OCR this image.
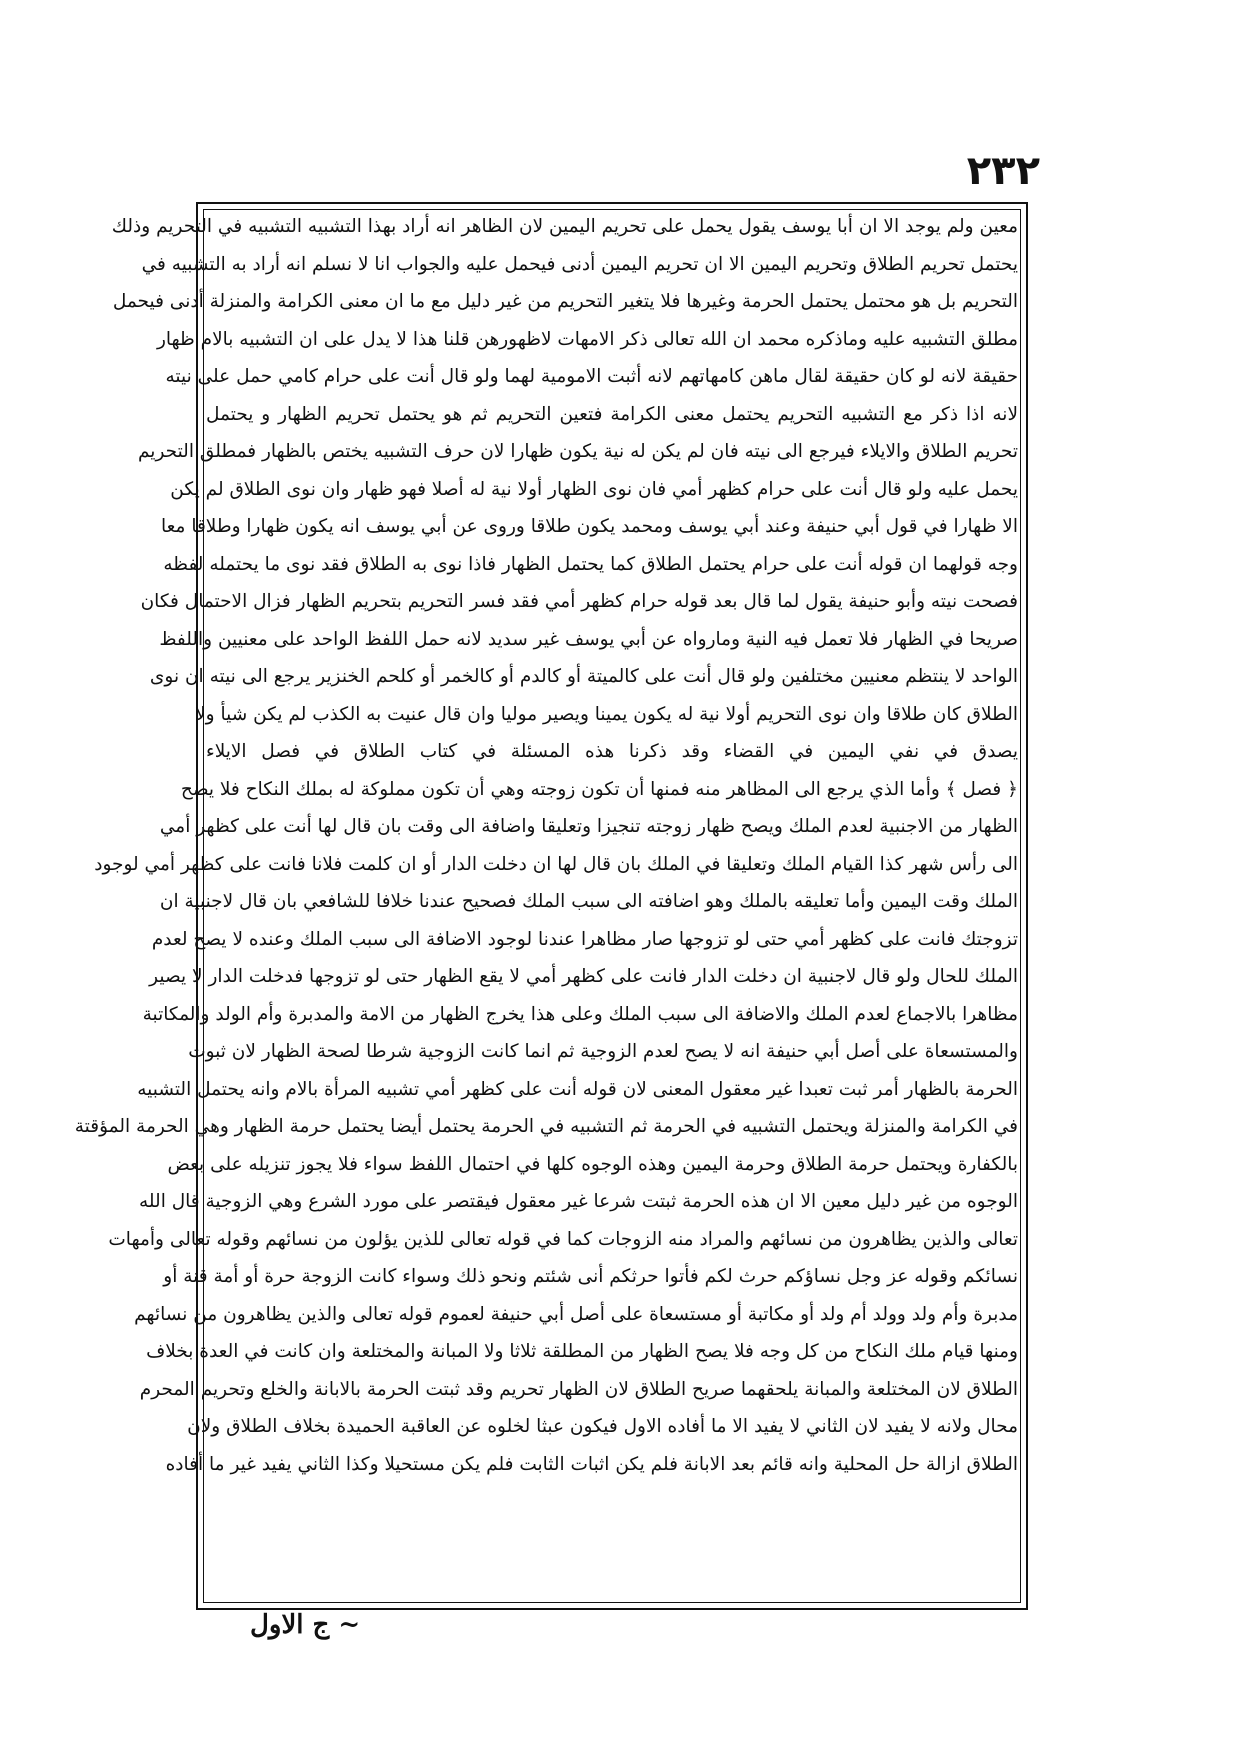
٢٣٢
معين ولم يوجد الا ان أبا يوسف يقول يحمل على تحريم اليمين لان الظاهر انه أراد بهذا التشبيه التشبيه في التحريم وذلك
يحتمل تحريم الطلاق وتحريم اليمين الا ان تحريم اليمين أدنى فيحمل عليه والجواب انا لا نسلم انه أراد به التشبيه في
التحريم بل هو محتمل يحتمل الحرمة وغيرها فلا يتغير التحريم من غير دليل مع ما ان معنى الكرامة والمنزلة أدنى فيحمل
مطلق التشبيه عليه وماذكره محمد ان الله تعالى ذكر الامهات لاظهورهن قلنا هذا لا يدل على ان التشبيه بالام ظهار
حقيقة لانه لو كان حقيقة لقال ماهن كامهاتهم لانه أثبت الامومية لهما ولو قال أنت على حرام كامي حمل على نيته
لانه اذا ذكر مع التشبيه التحريم يحتمل معنى الكرامة فتعين التحريم ثم هو يحتمل تحريم الظهار و يحتمل
تحريم الطلاق والايلاء فيرجع الى نيته فان لم يكن له نية يكون ظهارا لان حرف التشبيه يختص بالظهار فمطلق التحريم
يحمل عليه ولو قال أنت على حرام كظهر أمي فان نوى الظهار أولا نية له أصلا فهو ظهار وان نوى الطلاق لم يكن
الا ظهارا في قول أبي حنيفة وعند أبي يوسف ومحمد يكون طلاقا وروى عن أبي يوسف انه يكون ظهارا وطلاقا معا
وجه قولهما ان قوله أنت على حرام يحتمل الطلاق كما يحتمل الظهار فاذا نوى به الطلاق فقد نوى ما يحتمله لفظه
فصحت نيته وأبو حنيفة يقول لما قال بعد قوله حرام كظهر أمي فقد فسر التحريم بتحريم الظهار فزال الاحتمال فكان
صريحا في الظهار فلا تعمل فيه النية ومارواه عن أبي يوسف غير سديد لانه حمل اللفظ الواحد على معنيين واللفظ
الواحد لا ينتظم معنيين مختلفين ولو قال أنت على كالميتة أو كالدم أو كالخمر أو كلحم الخنزير يرجع الى نيته ان نوى
الطلاق كان طلاقا وان نوى التحريم أولا نية له يكون يمينا ويصير موليا وان قال عنيت به الكذب لم يكن شيأ ولا
يصدق في نفي اليمين في القضاء وقد ذكرنا هذه المسئلة في كتاب الطلاق في فصل الايلاء
﴿ فصل ﴾ وأما الذي يرجع الى المظاهر منه فمنها أن تكون زوجته وهي أن تكون مملوكة له بملك النكاح فلا يصح
الظهار من الاجنبية لعدم الملك ويصح ظهار زوجته تنجيزا وتعليقا واضافة الى وقت بان قال لها أنت على كظهر أمي
الى رأس شهر كذا القيام الملك وتعليقا في الملك بان قال لها ان دخلت الدار أو ان كلمت فلانا فانت على كظهر أمي لوجود
الملك وقت اليمين وأما تعليقه بالملك وهو اضافته الى سبب الملك فصحيح عندنا خلافا للشافعي بان قال لاجنبية ان
تزوجتك فانت على كظهر أمي حتى لو تزوجها صار مظاهرا عندنا لوجود الاضافة الى سبب الملك وعنده لا يصح لعدم
الملك للحال ولو قال لاجنبية ان دخلت الدار فانت على كظهر أمي لا يقع الظهار حتى لو تزوجها فدخلت الدار لا يصير
مظاهرا بالاجماع لعدم الملك والاضافة الى سبب الملك وعلى هذا يخرج الظهار من الامة والمدبرة وأم الولد والمكاتبة
والمستسعاة على أصل أبي حنيفة انه لا يصح لعدم الزوجية ثم انما كانت الزوجية شرطا لصحة الظهار لان ثبوت
الحرمة بالظهار أمر ثبت تعبدا غير معقول المعنى لان قوله أنت على كظهر أمي تشبيه المرأة بالام وانه يحتمل التشبيه
في الكرامة والمنزلة ويحتمل التشبيه في الحرمة ثم التشبيه في الحرمة يحتمل أيضا يحتمل حرمة الظهار وهي الحرمة المؤقتة
بالكفارة ويحتمل حرمة الطلاق وحرمة اليمين وهذه الوجوه كلها في احتمال اللفظ سواء فلا يجوز تنزيله على بعض
الوجوه من غير دليل معين الا ان هذه الحرمة ثبتت شرعا غير معقول فيقتصر على مورد الشرع وهي الزوجية قال الله
تعالى والذين يظاهرون من نسائهم والمراد منه الزوجات كما في قوله تعالى للذين يؤلون من نسائهم وقوله تعالى وأمهات
نسائكم وقوله عز وجل نساؤكم حرث لكم فأتوا حرثكم أنى شئتم ونحو ذلك وسواء كانت الزوجة حرة أو أمة قنة أو
مدبرة وأم ولد وولد أم ولد أو مكاتبة أو مستسعاة على أصل أبي حنيفة لعموم قوله تعالى والذين يظاهرون من نسائهم
ومنها قيام ملك النكاح من كل وجه فلا يصح الظهار من المطلقة ثلاثا ولا المبانة والمختلعة وان كانت في العدة بخلاف
الطلاق لان المختلعة والمبانة يلحقهما صريح الطلاق لان الظهار تحريم وقد ثبتت الحرمة بالابانة والخلع وتحريم المحرم
محال ولانه لا يفيد لان الثاني لا يفيد الا ما أفاده الاول فيكون عبثا لخلوه عن العاقبة الحميدة بخلاف الطلاق ولان
الطلاق ازالة حل المحلية وانه قائم بعد الابانة فلم يكن اثبات الثابت فلم يكن مستحيلا وكذا الثاني يفيد غير ما أفاده
~ ج الاول
